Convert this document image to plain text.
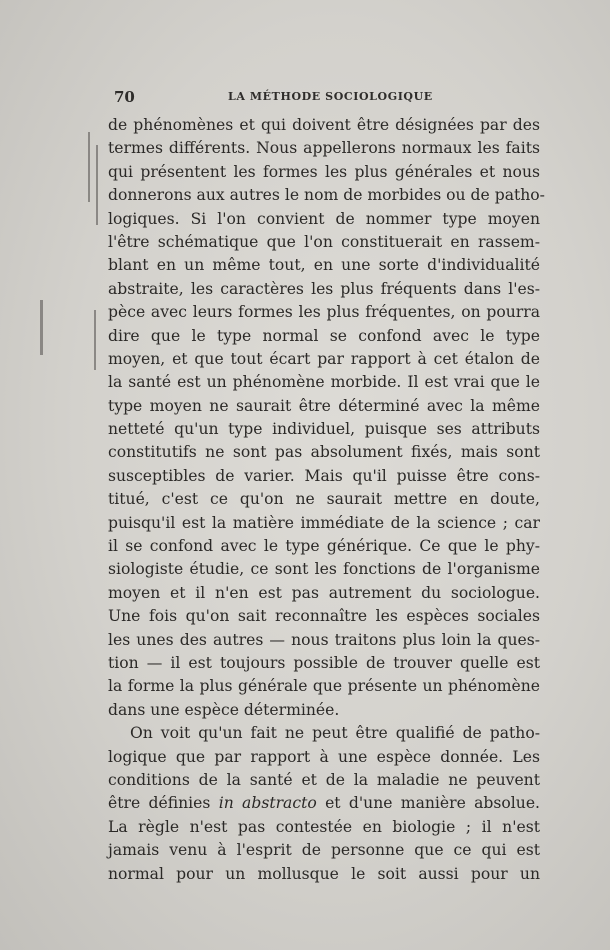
70	LA MÉTHODE SOCIOLOGIQUE
de phénomènes et qui doivent être désignées par des
termes différents. Nous appellerons normaux les faits
qui présentent les formes les plus générales et nous
donnerons aux autres le nom de morbides ou de patho-
logiques. Si l'on convient de nommer type moyen
l'être schématique que l'on constituerait en rassem-
blant en un même tout, en une sorte d'individualité
abstraite, les caractères les plus fréquents dans l'es-
pèce avec leurs formes les plus fréquentes, on pourra
dire que le type normal se confond avec le type
moyen, et que tout écart par rapport à cet étalon de
la santé est un phénomène morbide. Il est vrai que le
type moyen ne saurait être déterminé avec la même
netteté qu'un type individuel, puisque ses attributs
constitutifs ne sont pas absolument fixés, mais sont
susceptibles de varier. Mais qu'il puisse être cons-
titué, c'est ce qu'on ne saurait mettre en doute,
puisqu'il est la matière immédiate de la science ; car
il se confond avec le type générique. Ce que le phy-
siologiste étudie, ce sont les fonctions de l'organisme
moyen et il n'en est pas autrement du sociologue.
Une fois qu'on sait reconnaître les espèces sociales
les unes des autres — nous traitons plus loin la ques-
tion — il est toujours possible de trouver quelle est
la forme la plus générale que présente un phénomène
dans une espèce déterminée.
On voit qu'un fait ne peut être qualifié de patho-
logique que par rapport à une espèce donnée. Les
conditions de la santé et de la maladie ne peuvent
être définies in abstracto et d'une manière absolue.
La règle n'est pas contestée en biologie ; il n'est
jamais venu à l'esprit de personne que ce qui est
normal pour un mollusque le soit aussi pour un
